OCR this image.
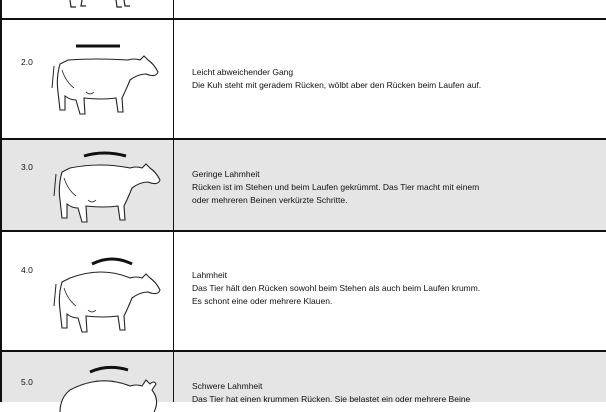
2.0
Leicht abweichender Gang
Die Kuh steht mit geradem Rücken, wölbt aber den Rücken beim Laufen auf.
3.0
Geringe Lahmheit
Rücken ist im Stehen und beim Laufen gekrümmt. Das Tier macht mit einem
oder mehreren Beinen verkürzte Schritte.
4.0	Lahmheit
Das Tier hält den Rücken sowohl beim Stehen als auch beim Laufen krumm.
Es schont eine oder mehrere Klauen.
5.0	Schwere Lahmheit
Das Tier hat einen krummen Rücken. Sie belastet ein oder mehrere Beine
